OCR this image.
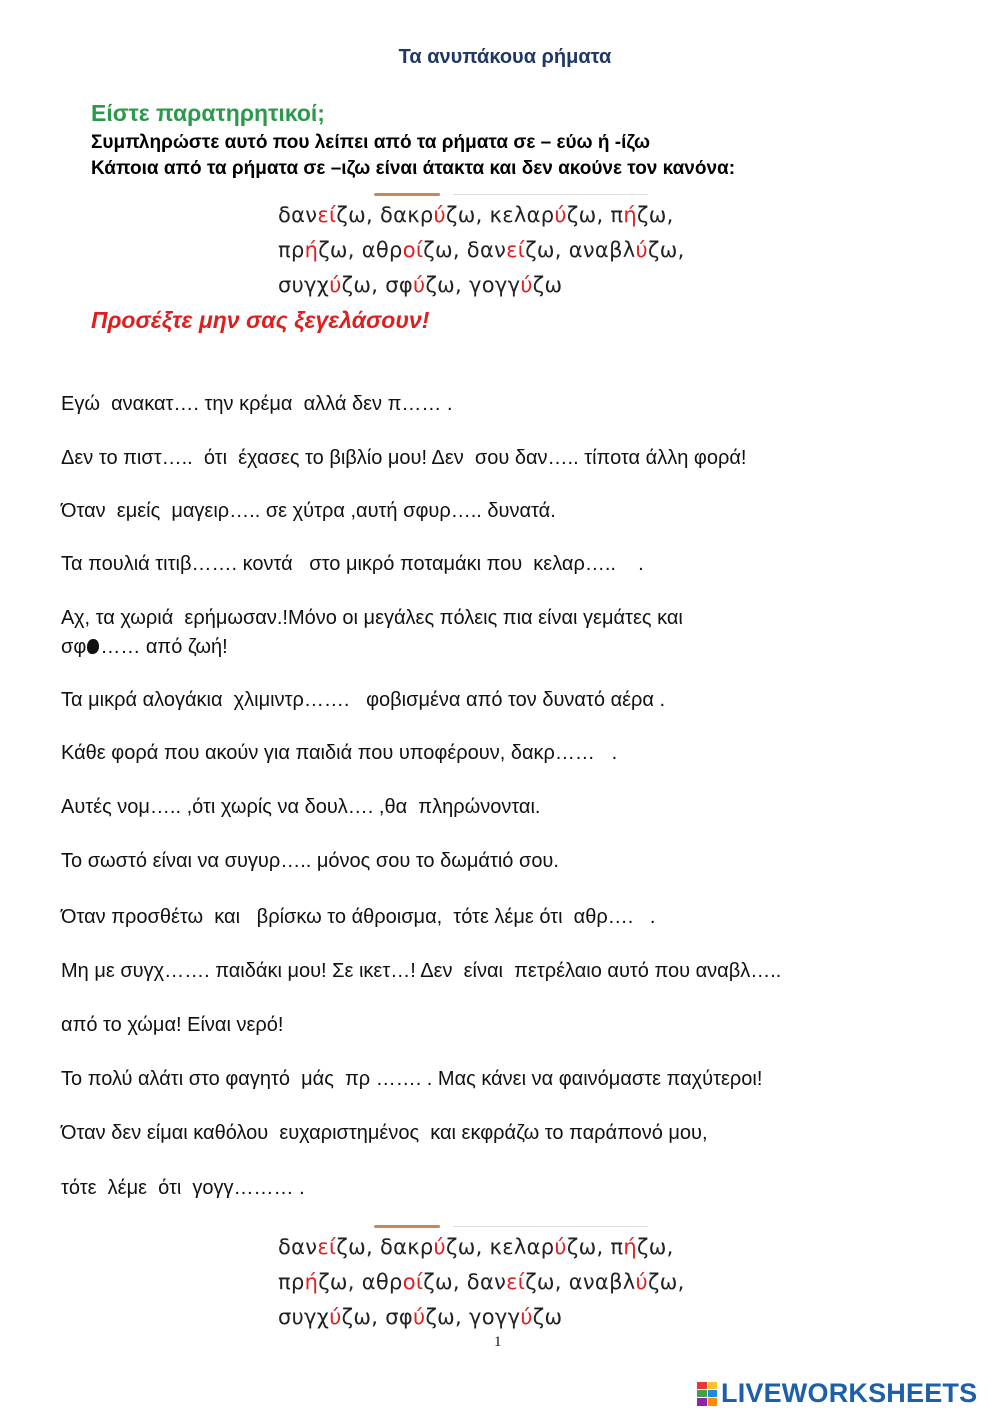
Τα ανυπάκουα ρήματα
Είστε παρατηρητικοί;
Συμπληρώστε αυτό που λείπει από τα ρήματα σε – εύω ή -ίζω
Κάποια από τα ρήματα σε –ιζω είναι άτακτα και δεν ακούνε τον κανόνα:
δανείζω, δακρύζω, κελαρύζω, πήζω,
πρήζω, αθροίζω, δανείζω, αναβλύζω,
συγχύζω, σφύζω, γογγύζω
Προσέξτε μην σας ξεγελάσουν!
Εγώ  ανακατ…. την κρέμα  αλλά δεν π…… .
Δεν το πιστ…..  ότι  έχασες το βιβλίο μου! Δεν  σου δαν….. τίποτα άλλη φορά!
Όταν  εμείς  μαγειρ….. σε χύτρα ,αυτή σφυρ….. δυνατά.
Τα πουλιά τιτιβ……. κοντά   στο μικρό ποταμάκι που  κελαρ…..    .
Αχ, τα χωριά  ερήμωσαν.!Μόνο οι μεγάλες πόλεις πια είναι γεμάτες και
σφ …… από ζωή!
Τα μικρά αλογάκια  χλιμιντρ…….   φοβισμένα από τον δυνατό αέρα .
Κάθε φορά που ακούν για παιδιά που υποφέρουν, δακρ……   .
Αυτές νομ….. ,ότι χωρίς να δουλ…. ,θα  πληρώνονται.
Το σωστό είναι να συγυρ….. μόνος σου το δωμάτιό σου.
Όταν προσθέτω  και   βρίσκω το άθροισμα,  τότε λέμε ότι  αθρ….   .
Μη με συγχ……. παιδάκι μου! Σε ικετ…! Δεν  είναι  πετρέλαιο αυτό που αναβλ…..
από το χώμα! Είναι νερό!
Το πολύ αλάτι στο φαγητό  μάς  πρ ……. . Μας κάνει να φαινόμαστε παχύτεροι!
Όταν δεν είμαι καθόλου  ευχαριστημένος  και εκφράζω το παράπονό μου,
τότε  λέμε  ότι  γογγ……… .
δανείζω, δακρύζω, κελαρύζω, πήζω,
πρήζω, αθροίζω, δανείζω, αναβλύζω,
συγχύζω, σφύζω, γογγύζω
1
LIVEWORKSHEETS
